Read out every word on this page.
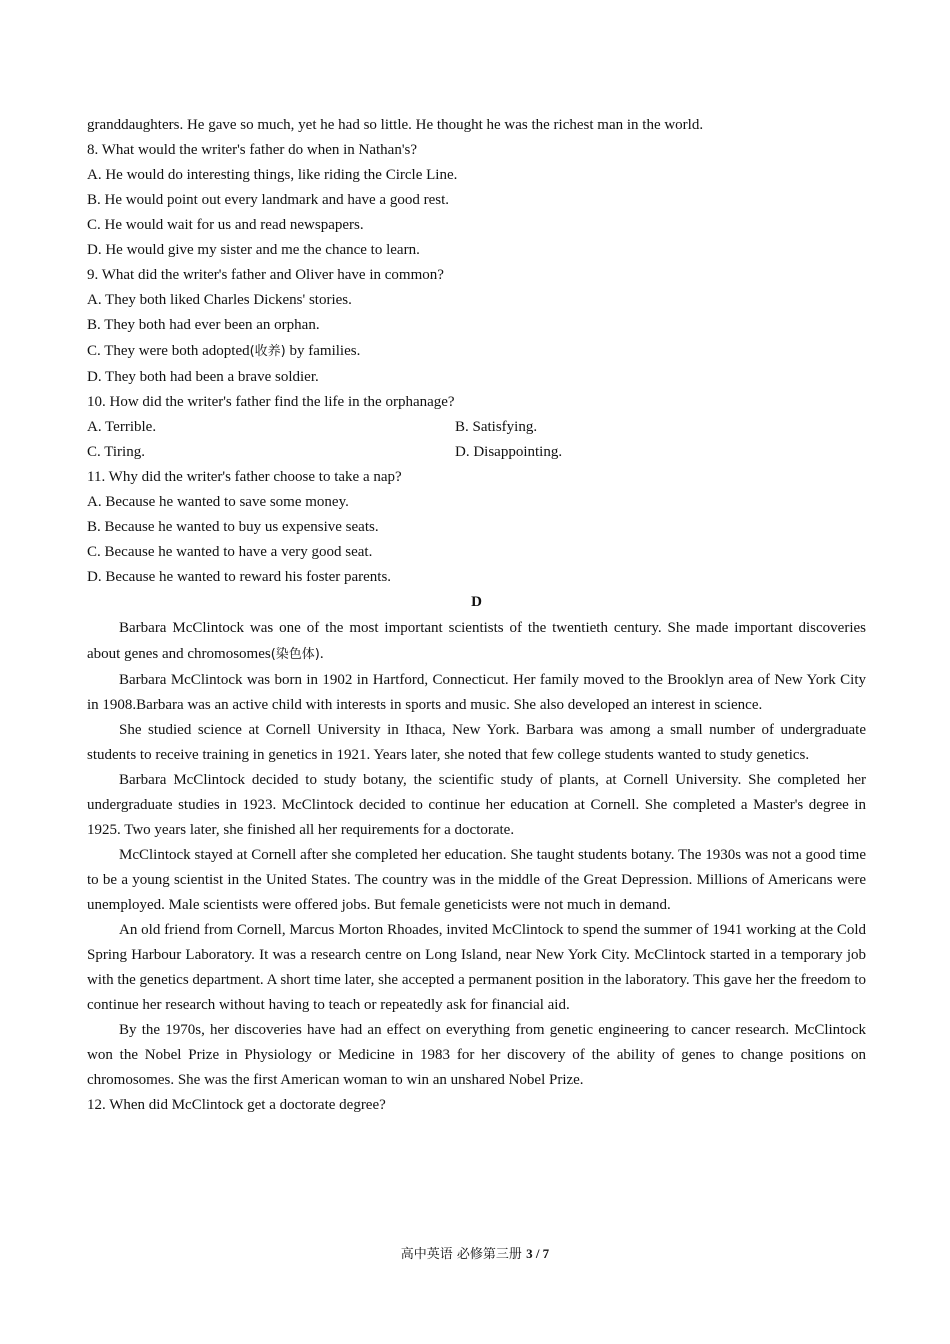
granddaughters. He gave so much, yet he had so little. He thought he was the richest man in the world.
8. What would the writer's father do when in Nathan's?
A. He would do interesting things, like riding the Circle Line.
B. He would point out every landmark and have a good rest.
C. He would wait for us and read newspapers.
D. He would give my sister and me the chance to learn.
9. What did the writer's father and Oliver have in common?
A. They both liked Charles Dickens' stories.
B. They both had ever been an orphan.
C. They were both adopted(收养) by families.
D. They both had been a brave soldier.
10. How did the writer's father find the life in the orphanage?
A. Terrible.	B. Satisfying.
C. Tiring.	D. Disappointing.
11. Why did the writer's father choose to take a nap?
A. Because he wanted to save some money.
B. Because he wanted to buy us expensive seats.
C. Because he wanted to have a very good seat.
D. Because he wanted to reward his foster parents.
D
Barbara McClintock was one of the most important scientists of the twentieth century. She made important discoveries about genes and chromosomes(染色体).
Barbara McClintock was born in 1902 in Hartford, Connecticut. Her family moved to the Brooklyn area of New York City in 1908.Barbara was an active child with interests in sports and music. She also developed an interest in science.
She studied science at Cornell University in Ithaca, New York. Barbara was among a small number of undergraduate students to receive training in genetics in 1921. Years later, she noted that few college students wanted to study genetics.
Barbara McClintock decided to study botany, the scientific study of plants, at Cornell University. She completed her undergraduate studies in 1923. McClintock decided to continue her education at Cornell. She completed a Master's degree in 1925. Two years later, she finished all her requirements for a doctorate.
McClintock stayed at Cornell after she completed her education. She taught students botany. The 1930s was not a good time to be a young scientist in the United States. The country was in the middle of the Great Depression. Millions of Americans were unemployed. Male scientists were offered jobs. But female geneticists were not much in demand.
An old friend from Cornell, Marcus Morton Rhoades, invited McClintock to spend the summer of 1941 working at the Cold Spring Harbour Laboratory. It was a research centre on Long Island, near New York City. McClintock started in a temporary job with the genetics department. A short time later, she accepted a permanent position in the laboratory. This gave her the freedom to continue her research without having to teach or repeatedly ask for financial aid.
By the 1970s, her discoveries have had an effect on everything from genetic engineering to cancer research. McClintock won the Nobel Prize in Physiology or Medicine in 1983 for her discovery of the ability of genes to change positions on chromosomes. She was the first American woman to win an unshared Nobel Prize.
12. When did McClintock get a doctorate degree?
高中英语 必修第三册 3 / 7
